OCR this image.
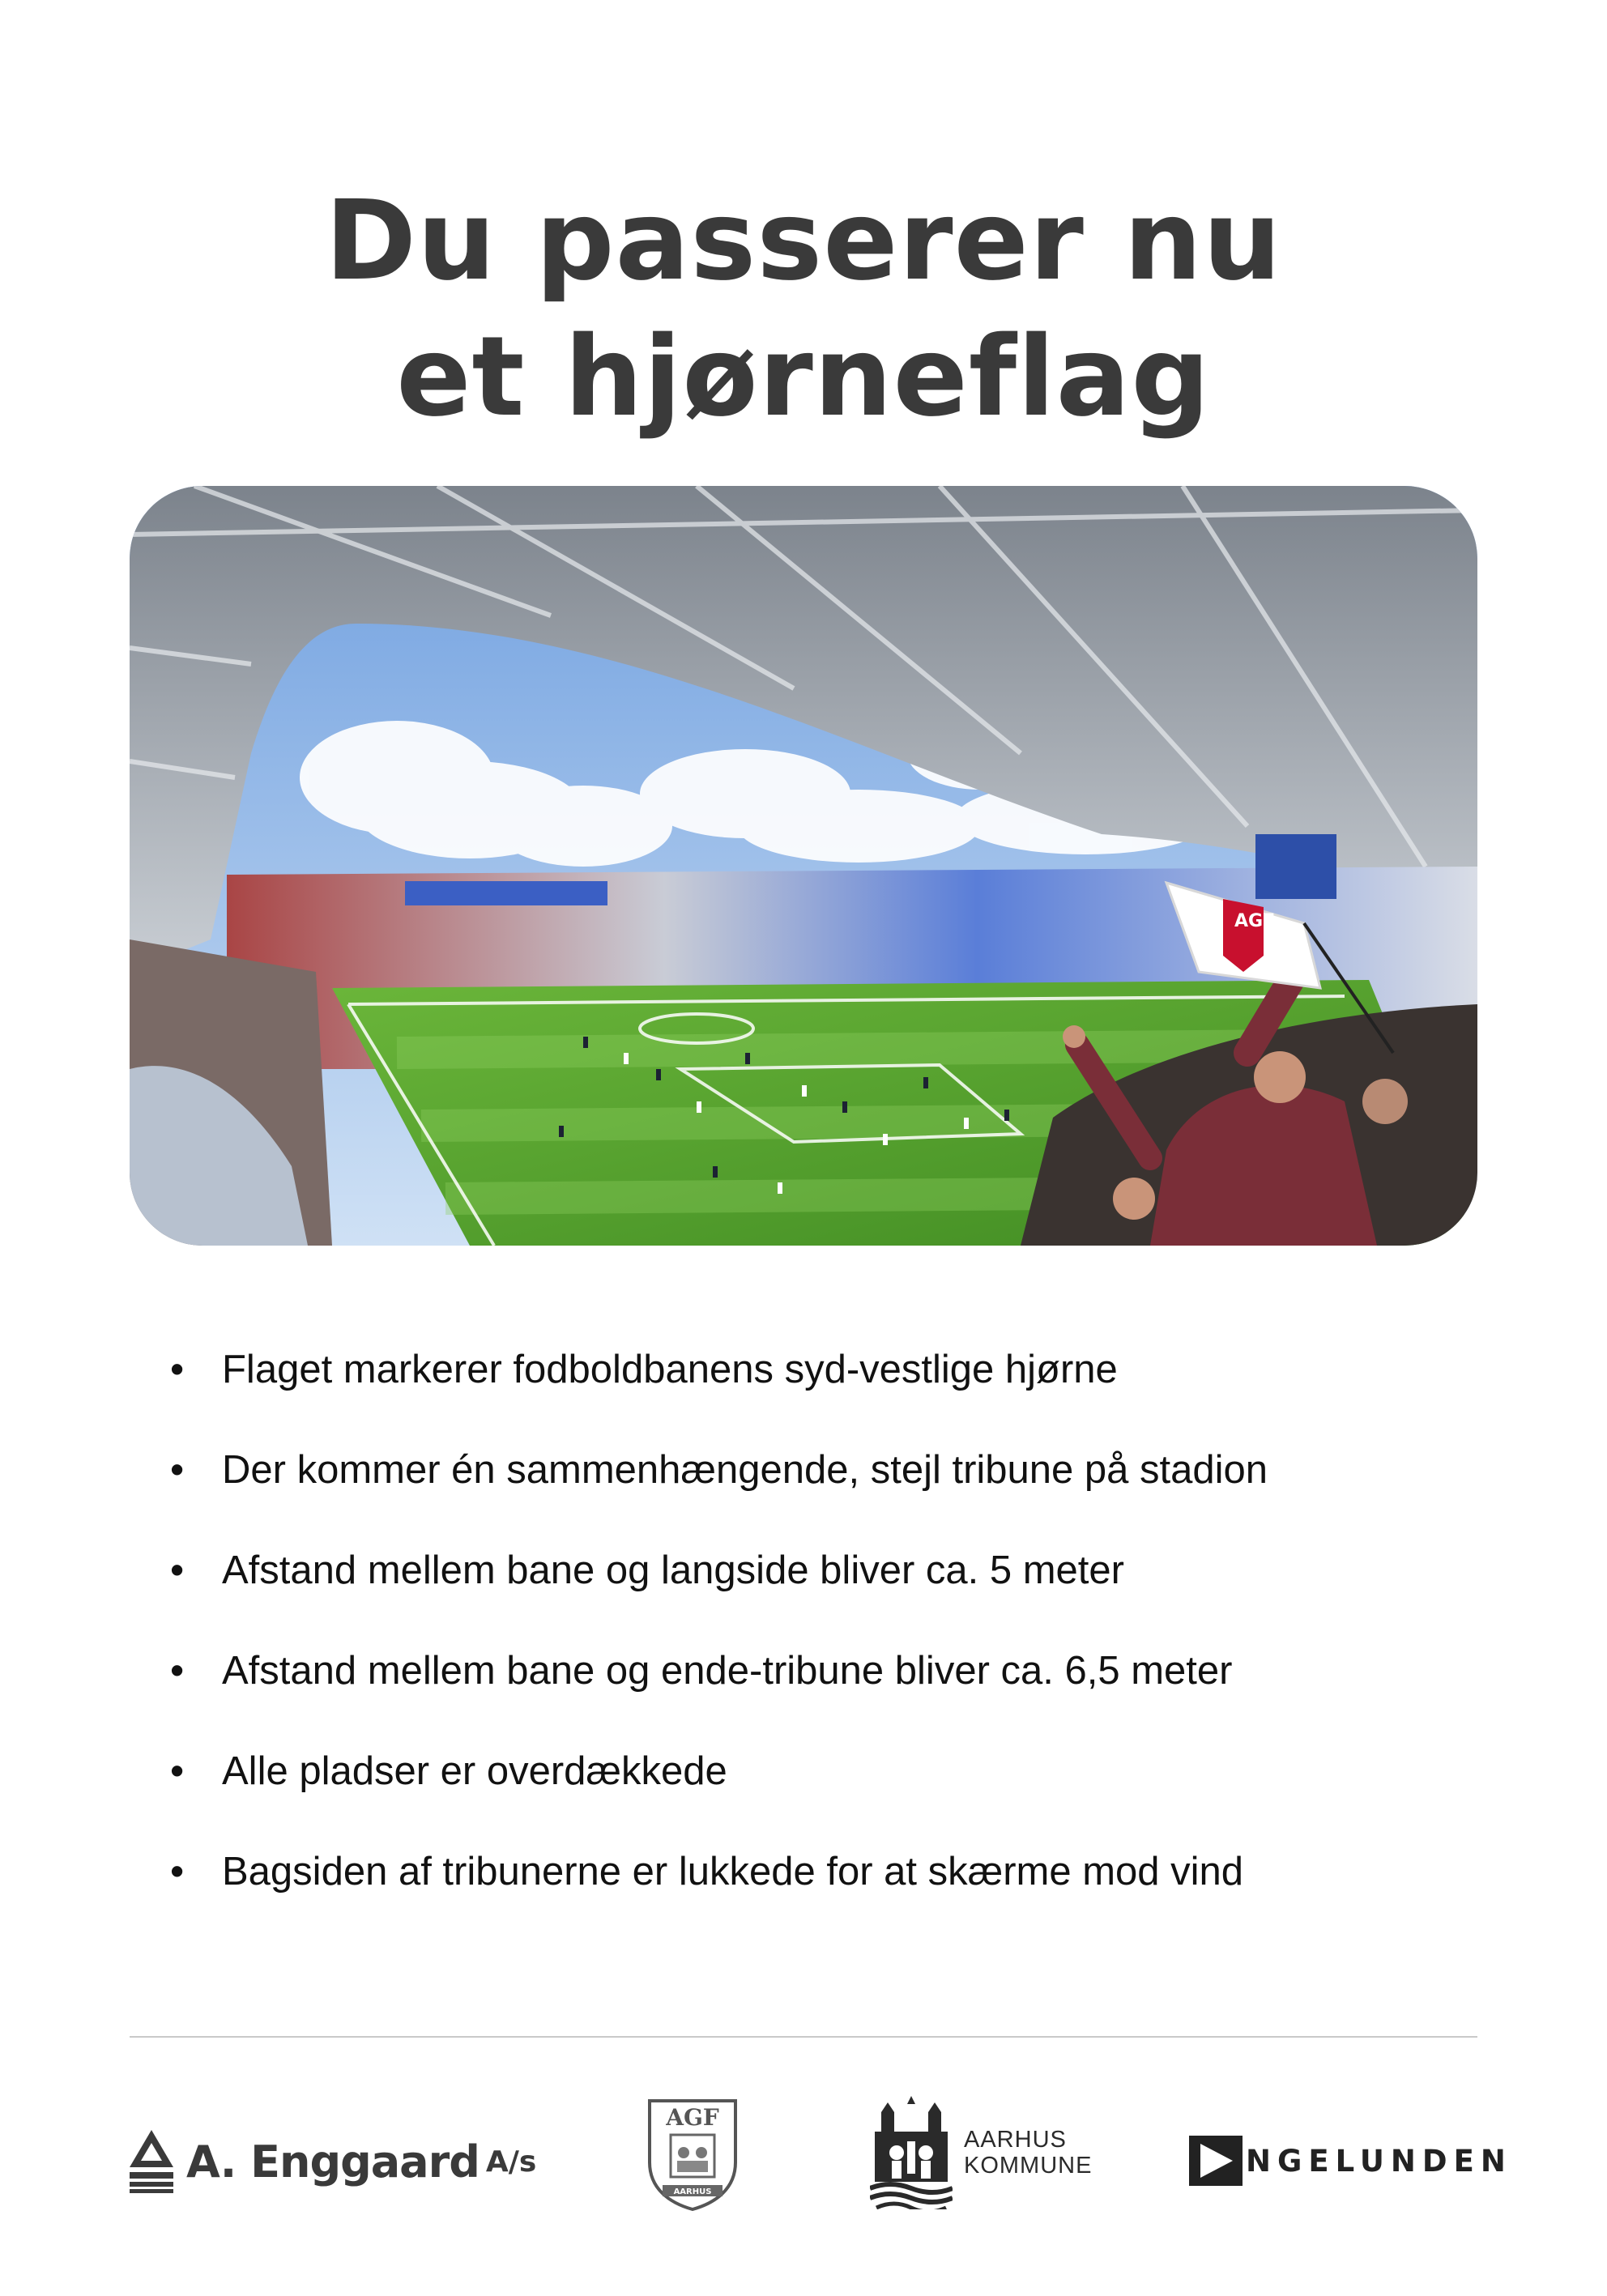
Du passerer nu
et hjørneflag
AGF
• Flaget markerer fodboldbanens syd-vestlige hjørne
• Der kommer én sammenhængende, stejl tribune på stadion
• Afstand mellem bane og langside bliver ca. 5 meter
• Afstand mellem bane og ende-tribune bliver ca. 6,5 meter
• Alle pladser er overdækkede
• Bagsiden af tribunerne er lukkede for at skærme mod vind
A. Enggaard A/s
AGF
AARHUS
AARHUS
KOMMUNE	NGELUNDEN
